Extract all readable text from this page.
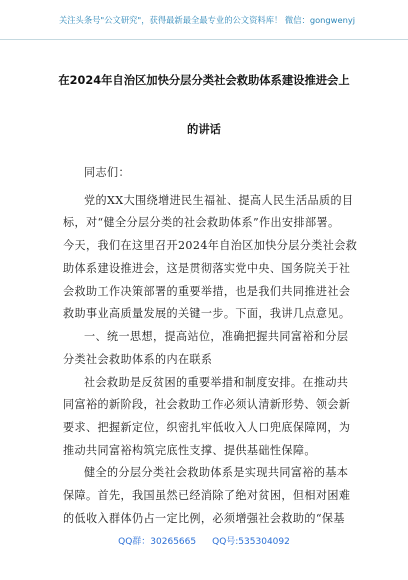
关注头条号"公文研究"，获得最新最全最专业的公文资料库！ 微信：gongwenyj
在2024年自治区加快分层分类社会救助体系建设推进会上
的讲话
同志们：
党的XX大围绕增进民生福祉、提高人民生活品质的目
标，对“健全分层分类的社会救助体系”作出安排部署。
今天，我们在这里召开2024年自治区加快分层分类社会救
助体系建设推进会，这是贯彻落实党中央、国务院关于社
会救助工作决策部署的重要举措，也是我们共同推进社会
救助事业高质量发展的关键一步。下面，我讲几点意见。
一、统一思想，提高站位，准确把握共同富裕和分层
分类社会救助体系的内在联系
社会救助是反贫困的重要举措和制度安排。在推动共
同富裕的新阶段，社会救助工作必须认清新形势、领会新
要求、把握新定位，织密扎牢低收入人口兜底保障网，为
推动共同富裕构筑完底性支撑、提供基础性保障。
健全的分层分类社会救助体系是实现共同富裕的基本
保障。首先，我国虽然已经消除了绝对贫困，但相对困难
的低收入群体仍占一定比例，必须增强社会救助的“保基
QQ群：30265665 QQ号:535304092
